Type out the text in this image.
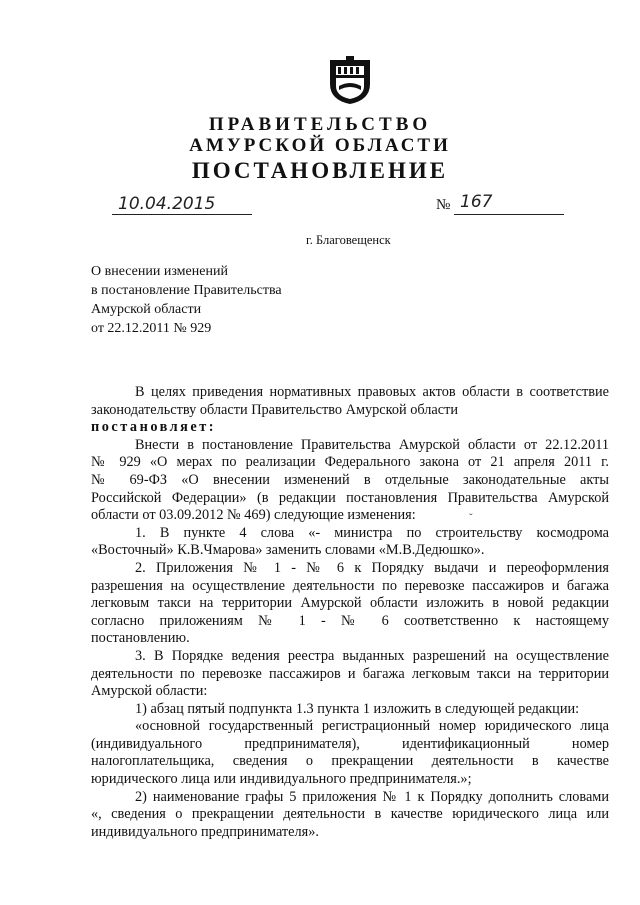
ПРАВИТЕЛЬСТВО
АМУРСКОЙ ОБЛАСТИ
ПОСТАНОВЛЕНИЕ
10.04.2015	№ 167
г. Благовещенск
О внесении изменений
в постановление Правительства
Амурской области
от 22.12.2011 № 929
ˇ

В целях приведения нормативных правовых актов области в соответствие

законодательству области Правительство Амурской области

постановляет:

Внести в постановление Правительства Амурской области от 22.12.2011

№ 929 «О мерах по реализации Федерального закона от 21 апреля 2011 г.

№ 69-ФЗ «О внесении изменений в отдельные законодательные акты

Российской Федерации» (в редакции постановления Правительства Амурской

области от 03.09.2012 № 469) следующие изменения:

1. В пункте 4 слова «- министра по строительству космодрома

«Восточный» К.В.Чмарова» заменить словами «М.В.Дедюшко».

2. Приложения № 1 - № 6 к Порядку выдачи и переоформления

разрешения на осуществление деятельности по перевозке пассажиров и багажа

легковым такси на территории Амурской области изложить в новой редакции

согласно приложениям № 1 - № 6 соответственно к настоящему

постановлению.

3. В Порядке ведения реестра выданных разрешений на осуществление

деятельности по перевозке пассажиров и багажа легковым такси на территории

Амурской области:

1) абзац пятый подпункта 1.3 пункта 1 изложить в следующей редакции:

«основной государственный регистрационный номер юридического лица

(индивидуального предпринимателя), идентификационный номер

налогоплательщика, сведения о прекращении деятельности в качестве

юридического лица или индивидуального предпринимателя.»;

2) наименование графы 5 приложения № 1 к Порядку дополнить словами

«, сведения о прекращении деятельности в качестве юридического лица или

индивидуального предпринимателя».
